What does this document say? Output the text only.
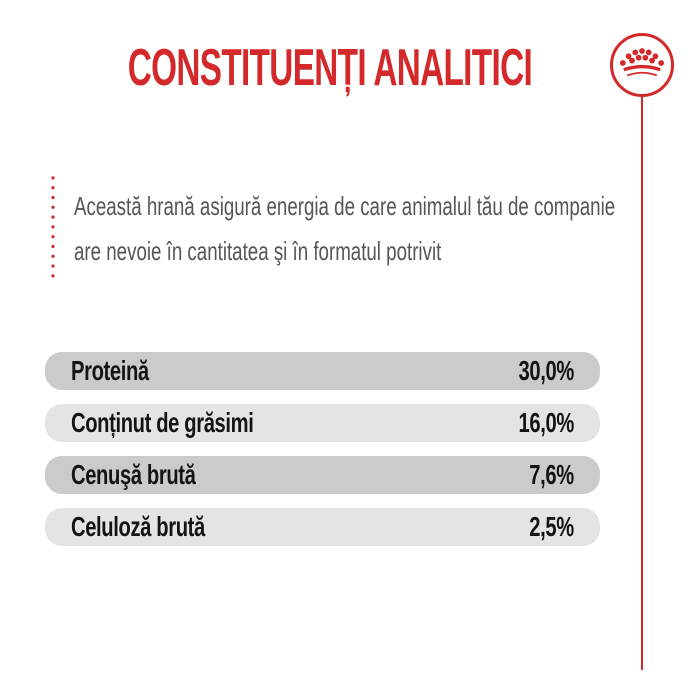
CONSTITUENȚI ANALITICI
Această hrană asigură energia de care animalul tău de companie
are nevoie în cantitatea şi în formatul potrivit
Proteină	30,0%
Conținut de grăsimi	16,0%
Cenuşă brută	7,6%
Celuloză brută	2,5%
